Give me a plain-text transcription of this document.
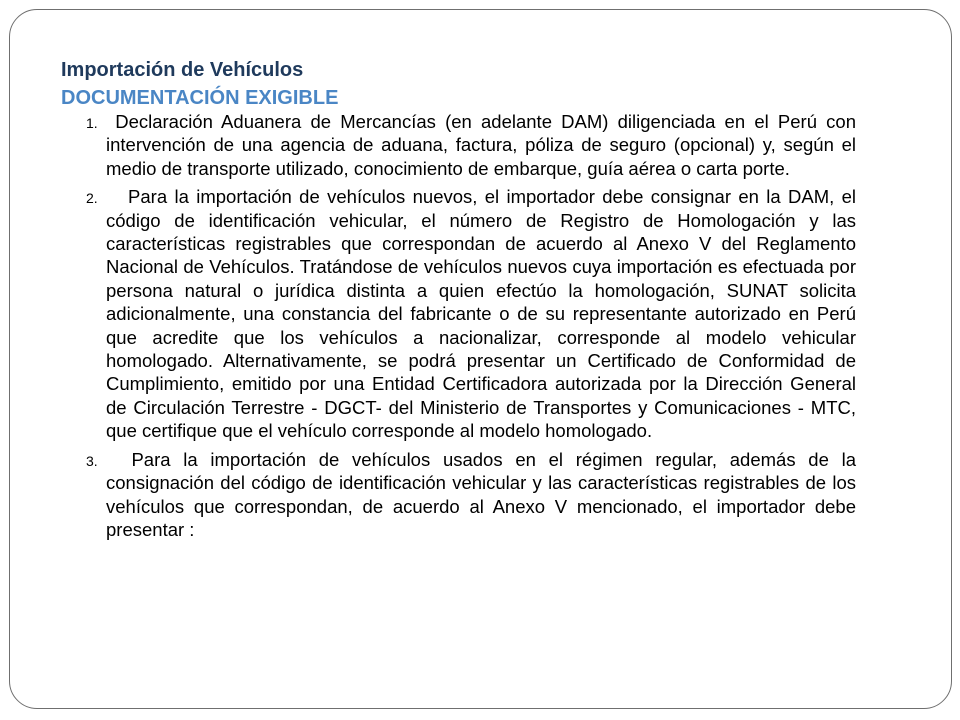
Importación de Vehículos
DOCUMENTACIÓN EXIGIBLE
1. Declaración Aduanera de Mercancías (en adelante DAM) diligenciada en el Perú con intervención de una agencia de aduana, factura, póliza de seguro (opcional) y, según el medio de transporte utilizado, conocimiento de embarque, guía aérea o carta porte.
2. Para la importación de vehículos nuevos, el importador debe consignar en la DAM, el código de identificación vehicular, el número de Registro de Homologación y las características registrables que correspondan de acuerdo al Anexo V del Reglamento Nacional de Vehículos. Tratándose de vehículos nuevos cuya importación es efectuada por persona natural o jurídica distinta a quien efectúo la homologación, SUNAT solicita adicionalmente, una constancia del fabricante o de su representante autorizado en Perú que acredite que los vehículos a nacionalizar, corresponde al modelo vehicular homologado. Alternativamente, se podrá presentar un Certificado de Conformidad de Cumplimiento, emitido por una Entidad Certificadora autorizada por la Dirección General de Circulación Terrestre - DGCT- del Ministerio de Transportes y Comunicaciones - MTC, que certifique que el vehículo corresponde al modelo homologado.
3. Para la importación de vehículos usados en el régimen regular, además de la consignación del código de identificación vehicular y las características registrables de los vehículos que correspondan, de acuerdo al Anexo V mencionado, el importador debe presentar :
